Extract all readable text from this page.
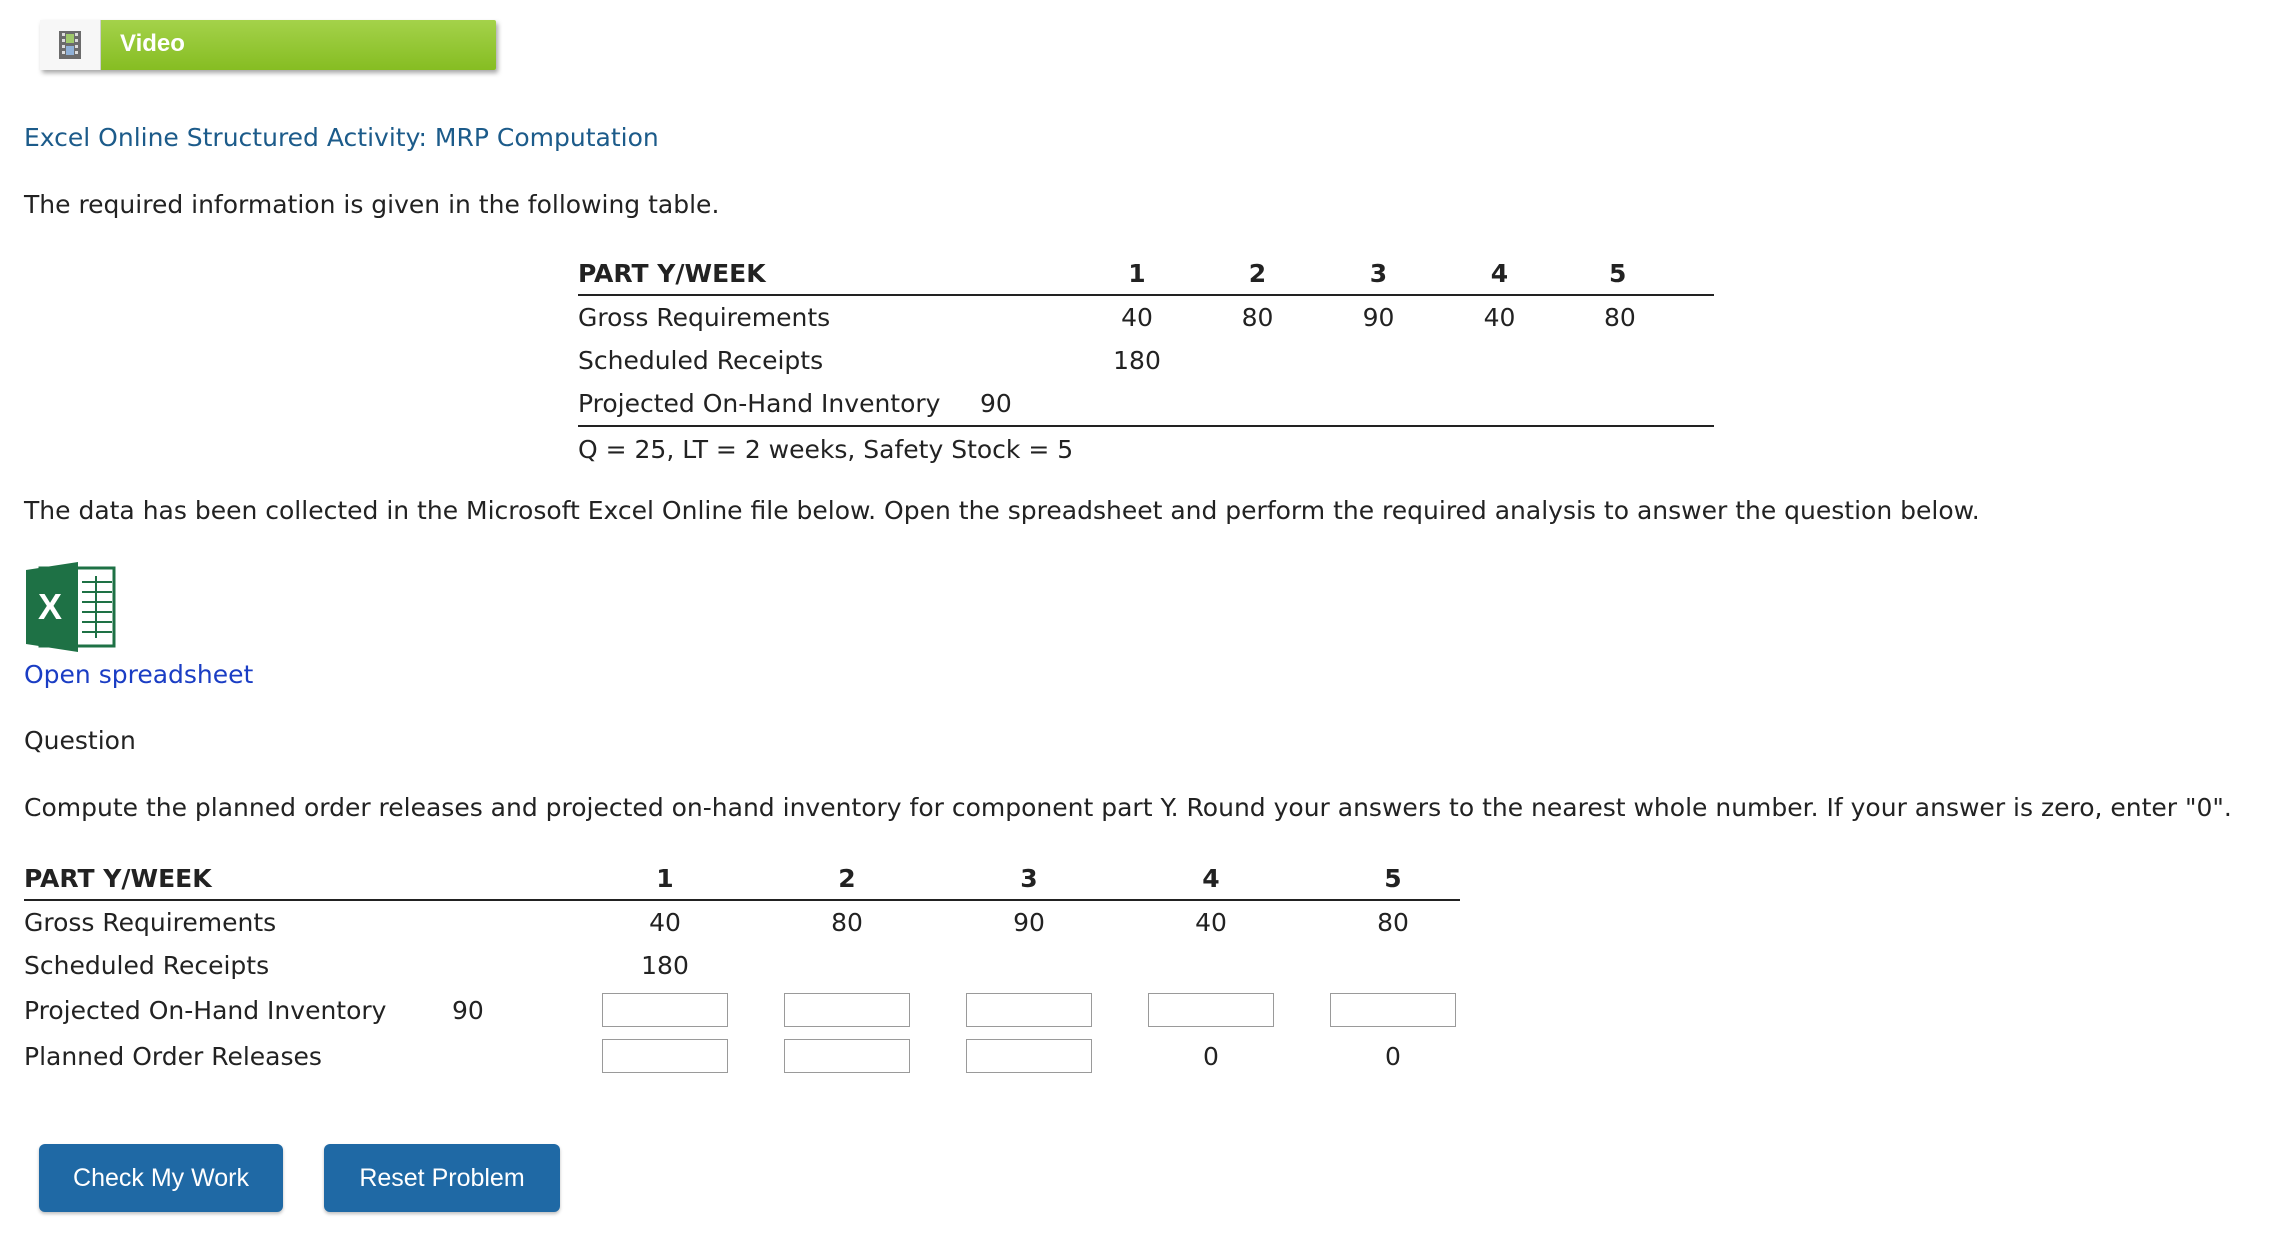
Video
Excel Online Structured Activity: MRP Computation
The required information is given in the following table.
PART Y/WEEK		1	2	3	4	5
Gross Requirements		40	80	90	40	80
Scheduled Receipts		180				
Projected On-Hand Inventory	90					
Q = 25, LT = 2 weeks, Safety Stock = 5						
The data has been collected in the Microsoft Excel Online file below. Open the spreadsheet and perform the required analysis to answer the question below.
X
Open spreadsheet
Question
Compute the planned order releases and projected on-hand inventory for component part Y. Round your answers to the nearest whole number. If your answer is zero, enter "0".
PART Y/WEEK		1		2		3		4		5	
Gross Requirements		40		80		90		40		80	
Scheduled Receipts		180									
Projected On-Hand Inventory	90										
Planned Order Releases								0		0	
Check My Work	Reset Problem
